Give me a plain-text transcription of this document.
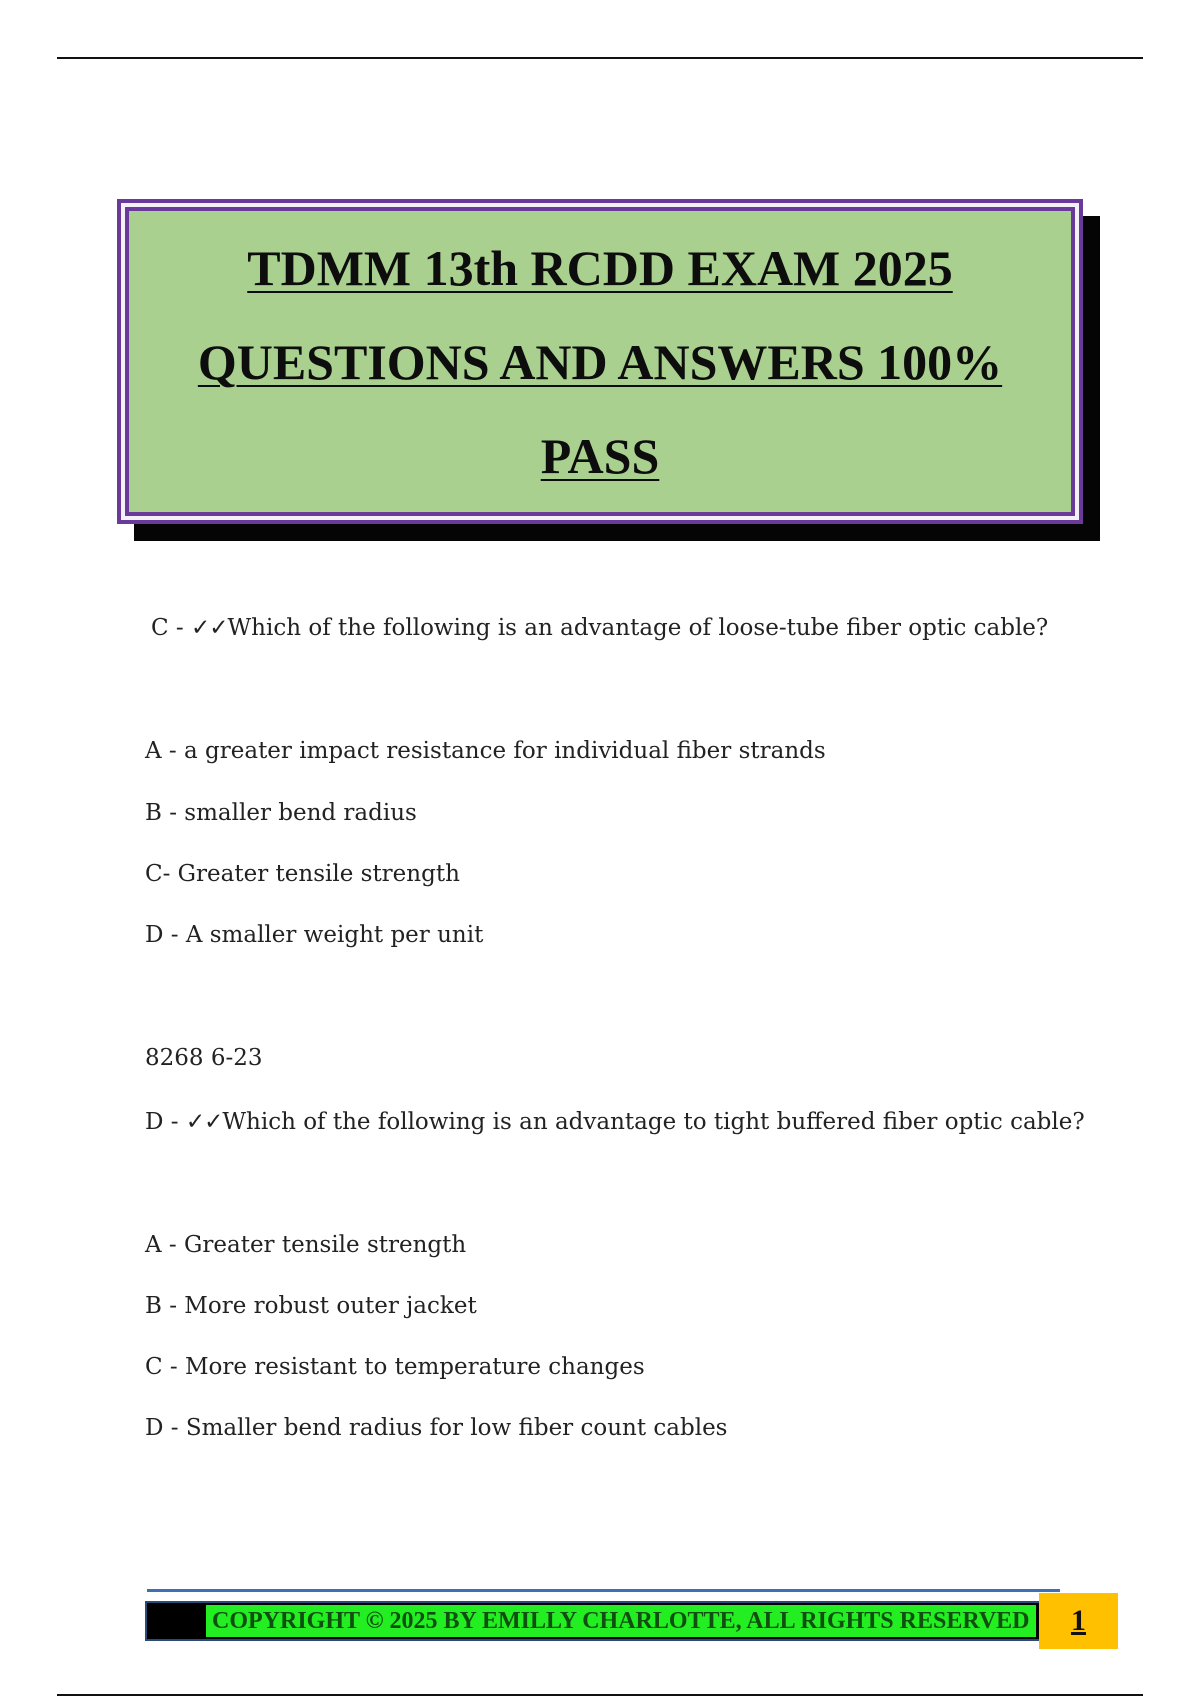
TDMM 13th RCDD EXAM 2025
QUESTIONS AND ANSWERS 100%
PASS
C - ✓✓Which of the following is an advantage of loose-tube fiber optic cable?
A - a greater impact resistance for individual fiber strands
B - smaller bend radius
C- Greater tensile strength
D - A smaller weight per unit
8268 6-23
D - ✓✓Which of the following is an advantage to tight buffered fiber optic cable?
A - Greater tensile strength
B - More robust outer jacket
C - More resistant to temperature changes
D - Smaller bend radius for low fiber count cables
COPYRIGHT © 2025 BY EMILLY CHARLOTTE, ALL RIGHTS RESERVED	1
